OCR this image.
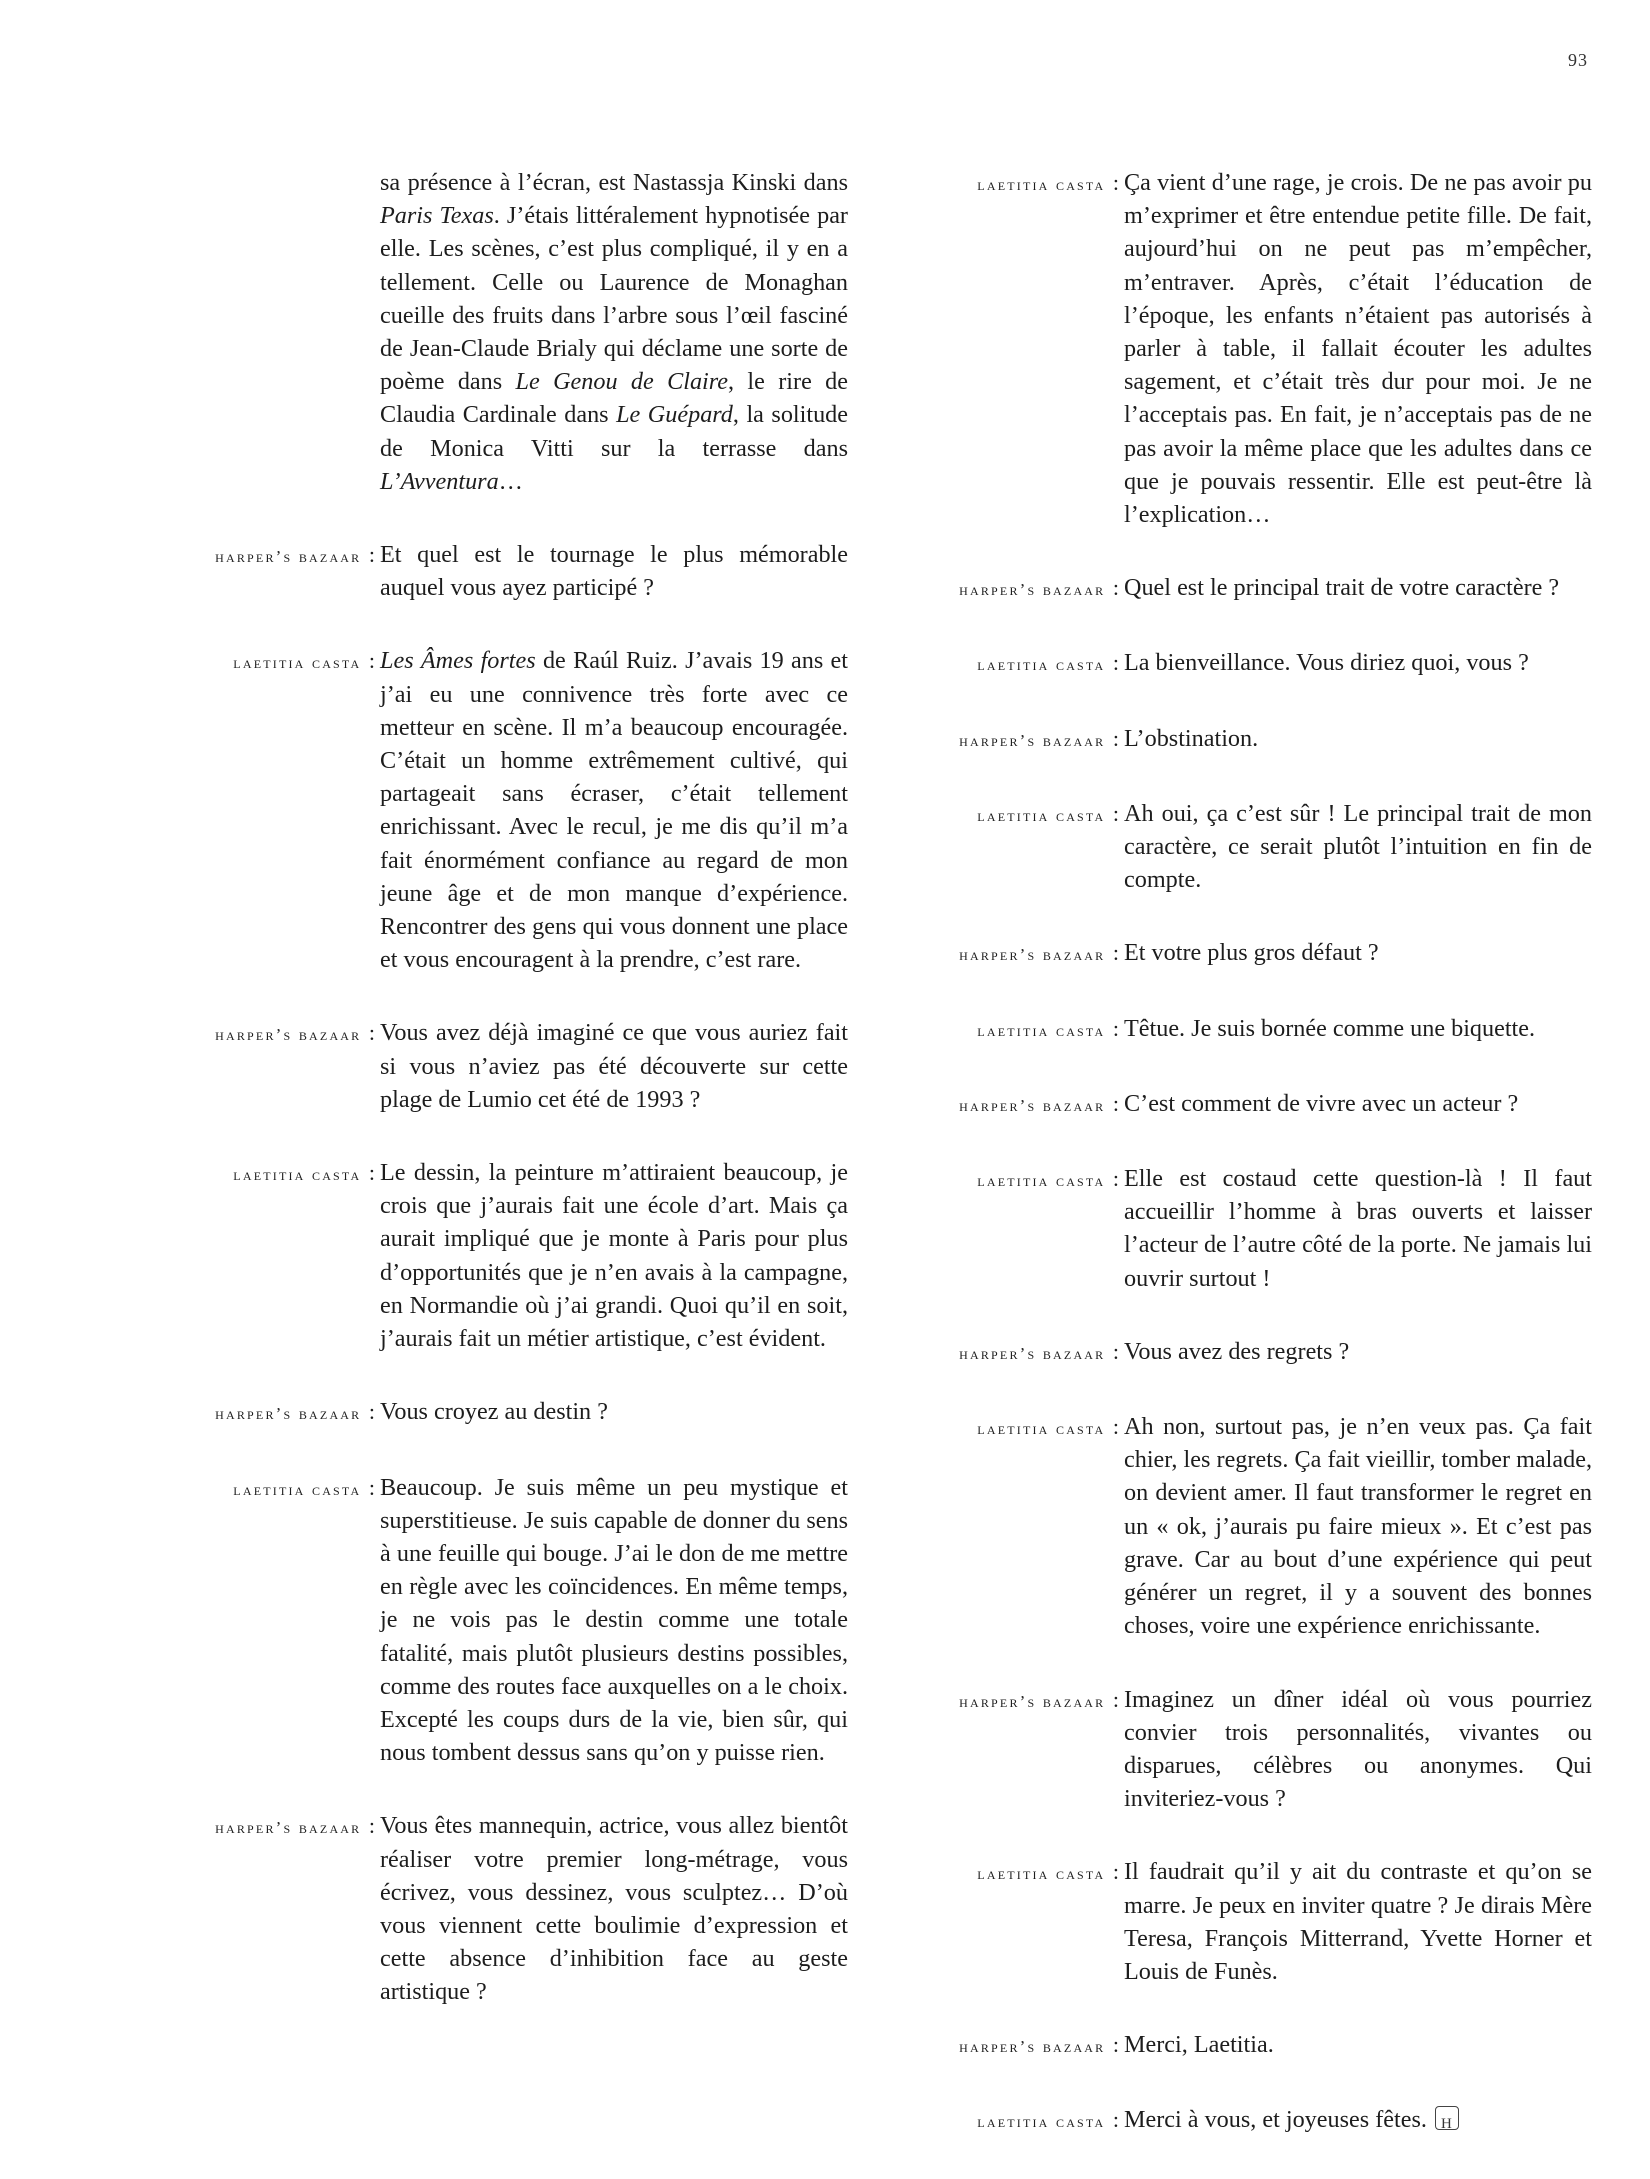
93
sa présence à l’écran, est Nastassja Kinski dans Paris Texas. J’étais littéralement hypnotisée par elle. Les scènes, c’est plus compliqué, il y en a tellement. Celle ou Laurence de Monaghan cueille des fruits dans l’arbre sous l’œil fasciné de Jean-Claude Brialy qui déclame une sorte de poème dans Le Genou de Claire, le rire de Claudia Cardinale dans Le Guépard, la solitude de Monica Vitti sur la terrasse dans L’Avventura…
harper’s bazaar : Et quel est le tournage le plus mémorable auquel vous ayez participé ?
laetitia casta : Les Âmes fortes de Raúl Ruiz. J’avais 19 ans et j’ai eu une connivence très forte avec ce metteur en scène. Il m’a beaucoup encouragée. C’était un homme extrêmement cultivé, qui partageait sans écraser, c’était tellement enrichissant. Avec le recul, je me dis qu’il m’a fait énormément confiance au regard de mon jeune âge et de mon manque d’expérience. Rencontrer des gens qui vous donnent une place et vous encouragent à la prendre, c’est rare.
harper’s bazaar : Vous avez déjà imaginé ce que vous auriez fait si vous n’aviez pas été découverte sur cette plage de Lumio cet été de 1993 ?
laetitia casta : Le dessin, la peinture m’attiraient beaucoup, je crois que j’aurais fait une école d’art. Mais ça aurait impliqué que je monte à Paris pour plus d’opportunités que je n’en avais à la campagne, en Normandie où j’ai grandi. Quoi qu’il en soit, j’aurais fait un métier artistique, c’est évident.
harper’s bazaar : Vous croyez au destin ?
laetitia casta : Beaucoup. Je suis même un peu mystique et superstitieuse. Je suis capable de donner du sens à une feuille qui bouge. J’ai le don de me mettre en règle avec les coïncidences. En même temps, je ne vois pas le destin comme une totale fatalité, mais plutôt plusieurs destins possibles, comme des routes face auxquelles on a le choix. Excepté les coups durs de la vie, bien sûr, qui nous tombent dessus sans qu’on y puisse rien.
harper’s bazaar : Vous êtes mannequin, actrice, vous allez bientôt réaliser votre premier long-métrage, vous écrivez, vous dessinez, vous sculptez… D’où vous viennent cette boulimie d’expression et cette absence d’inhibition face au geste artistique ?
laetitia casta : Ça vient d’une rage, je crois. De ne pas avoir pu m’exprimer et être entendue petite fille. De fait, aujourd’hui on ne peut pas m’empêcher, m’entraver. Après, c’était l’éducation de l’époque, les enfants n’étaient pas autorisés à parler à table, il fallait écouter les adultes sagement, et c’était très dur pour moi. Je ne l’acceptais pas. En fait, je n’acceptais pas de ne pas avoir la même place que les adultes dans ce que je pouvais ressentir. Elle est peut-être là l’explication…
harper’s bazaar : Quel est le principal trait de votre caractère ?
laetitia casta : La bienveillance. Vous diriez quoi, vous ?
harper’s bazaar : L’obstination.
laetitia casta : Ah oui, ça c’est sûr ! Le principal trait de mon caractère, ce serait plutôt l’intuition en fin de compte.
harper’s bazaar : Et votre plus gros défaut ?
laetitia casta : Têtue. Je suis bornée comme une biquette.
harper’s bazaar : C’est comment de vivre avec un acteur ?
laetitia casta : Elle est costaud cette question-là ! Il faut accueillir l’homme à bras ouverts et laisser l’acteur de l’autre côté de la porte. Ne jamais lui ouvrir surtout !
harper’s bazaar : Vous avez des regrets ?
laetitia casta : Ah non, surtout pas, je n’en veux pas. Ça fait chier, les regrets. Ça fait vieillir, tomber malade, on devient amer. Il faut transformer le regret en un « ok, j’aurais pu faire mieux ». Et c’est pas grave. Car au bout d’une expérience qui peut générer un regret, il y a souvent des bonnes choses, voire une expérience enrichissante.
harper’s bazaar : Imaginez un dîner idéal où vous pourriez convier trois personnalités, vivantes ou disparues, célèbres ou anonymes. Qui inviteriez-vous ?
laetitia casta : Il faudrait qu’il y ait du contraste et qu’on se marre. Je peux en inviter quatre ? Je dirais Mère Teresa, François Mitterrand, Yvette Horner et Louis de Funès.
harper’s bazaar : Merci, Laetitia.
laetitia casta : Merci à vous, et joyeuses fêtes.H
